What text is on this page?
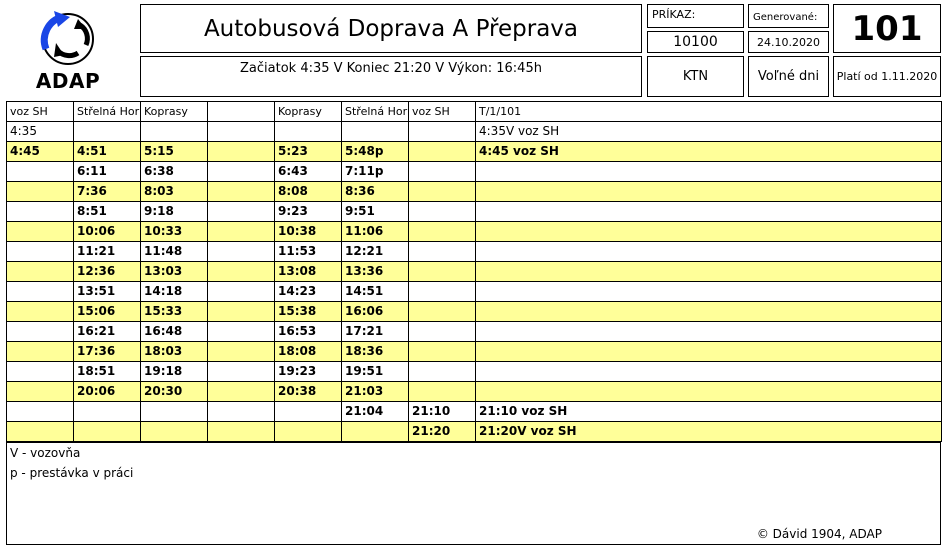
ADAP
Autobusová Doprava A Přeprava
Začiatok 4:35 V Koniec 21:20 V Výkon: 16:45h
PRÍKAZ:
10100
Generované:
24.10.2020 101
KTN	Voľné dni	Platí od 1.11.2020
voz SH	Střelná Hor	Koprasy		Koprasy	Střelná Hor	voz SH	T/1/101
4:35							4:35V voz SH
4:45	4:51	5:15		5:23	5:48p		4:45 voz SH
	6:11	6:38		6:43	7:11p		
	7:36	8:03		8:08	8:36		
	8:51	9:18		9:23	9:51		
	10:06	10:33		10:38	11:06		
	11:21	11:48		11:53	12:21		
	12:36	13:03		13:08	13:36		
	13:51	14:18		14:23	14:51		
	15:06	15:33		15:38	16:06		
	16:21	16:48		16:53	17:21		
	17:36	18:03		18:08	18:36		
	18:51	19:18		19:23	19:51		
	20:06	20:30		20:38	21:03		
					21:04	21:10	21:10 voz SH
						21:20	21:20V voz SH
V - vozovňa
p - prestávka v práci
© Dávid 1904, ADAP
